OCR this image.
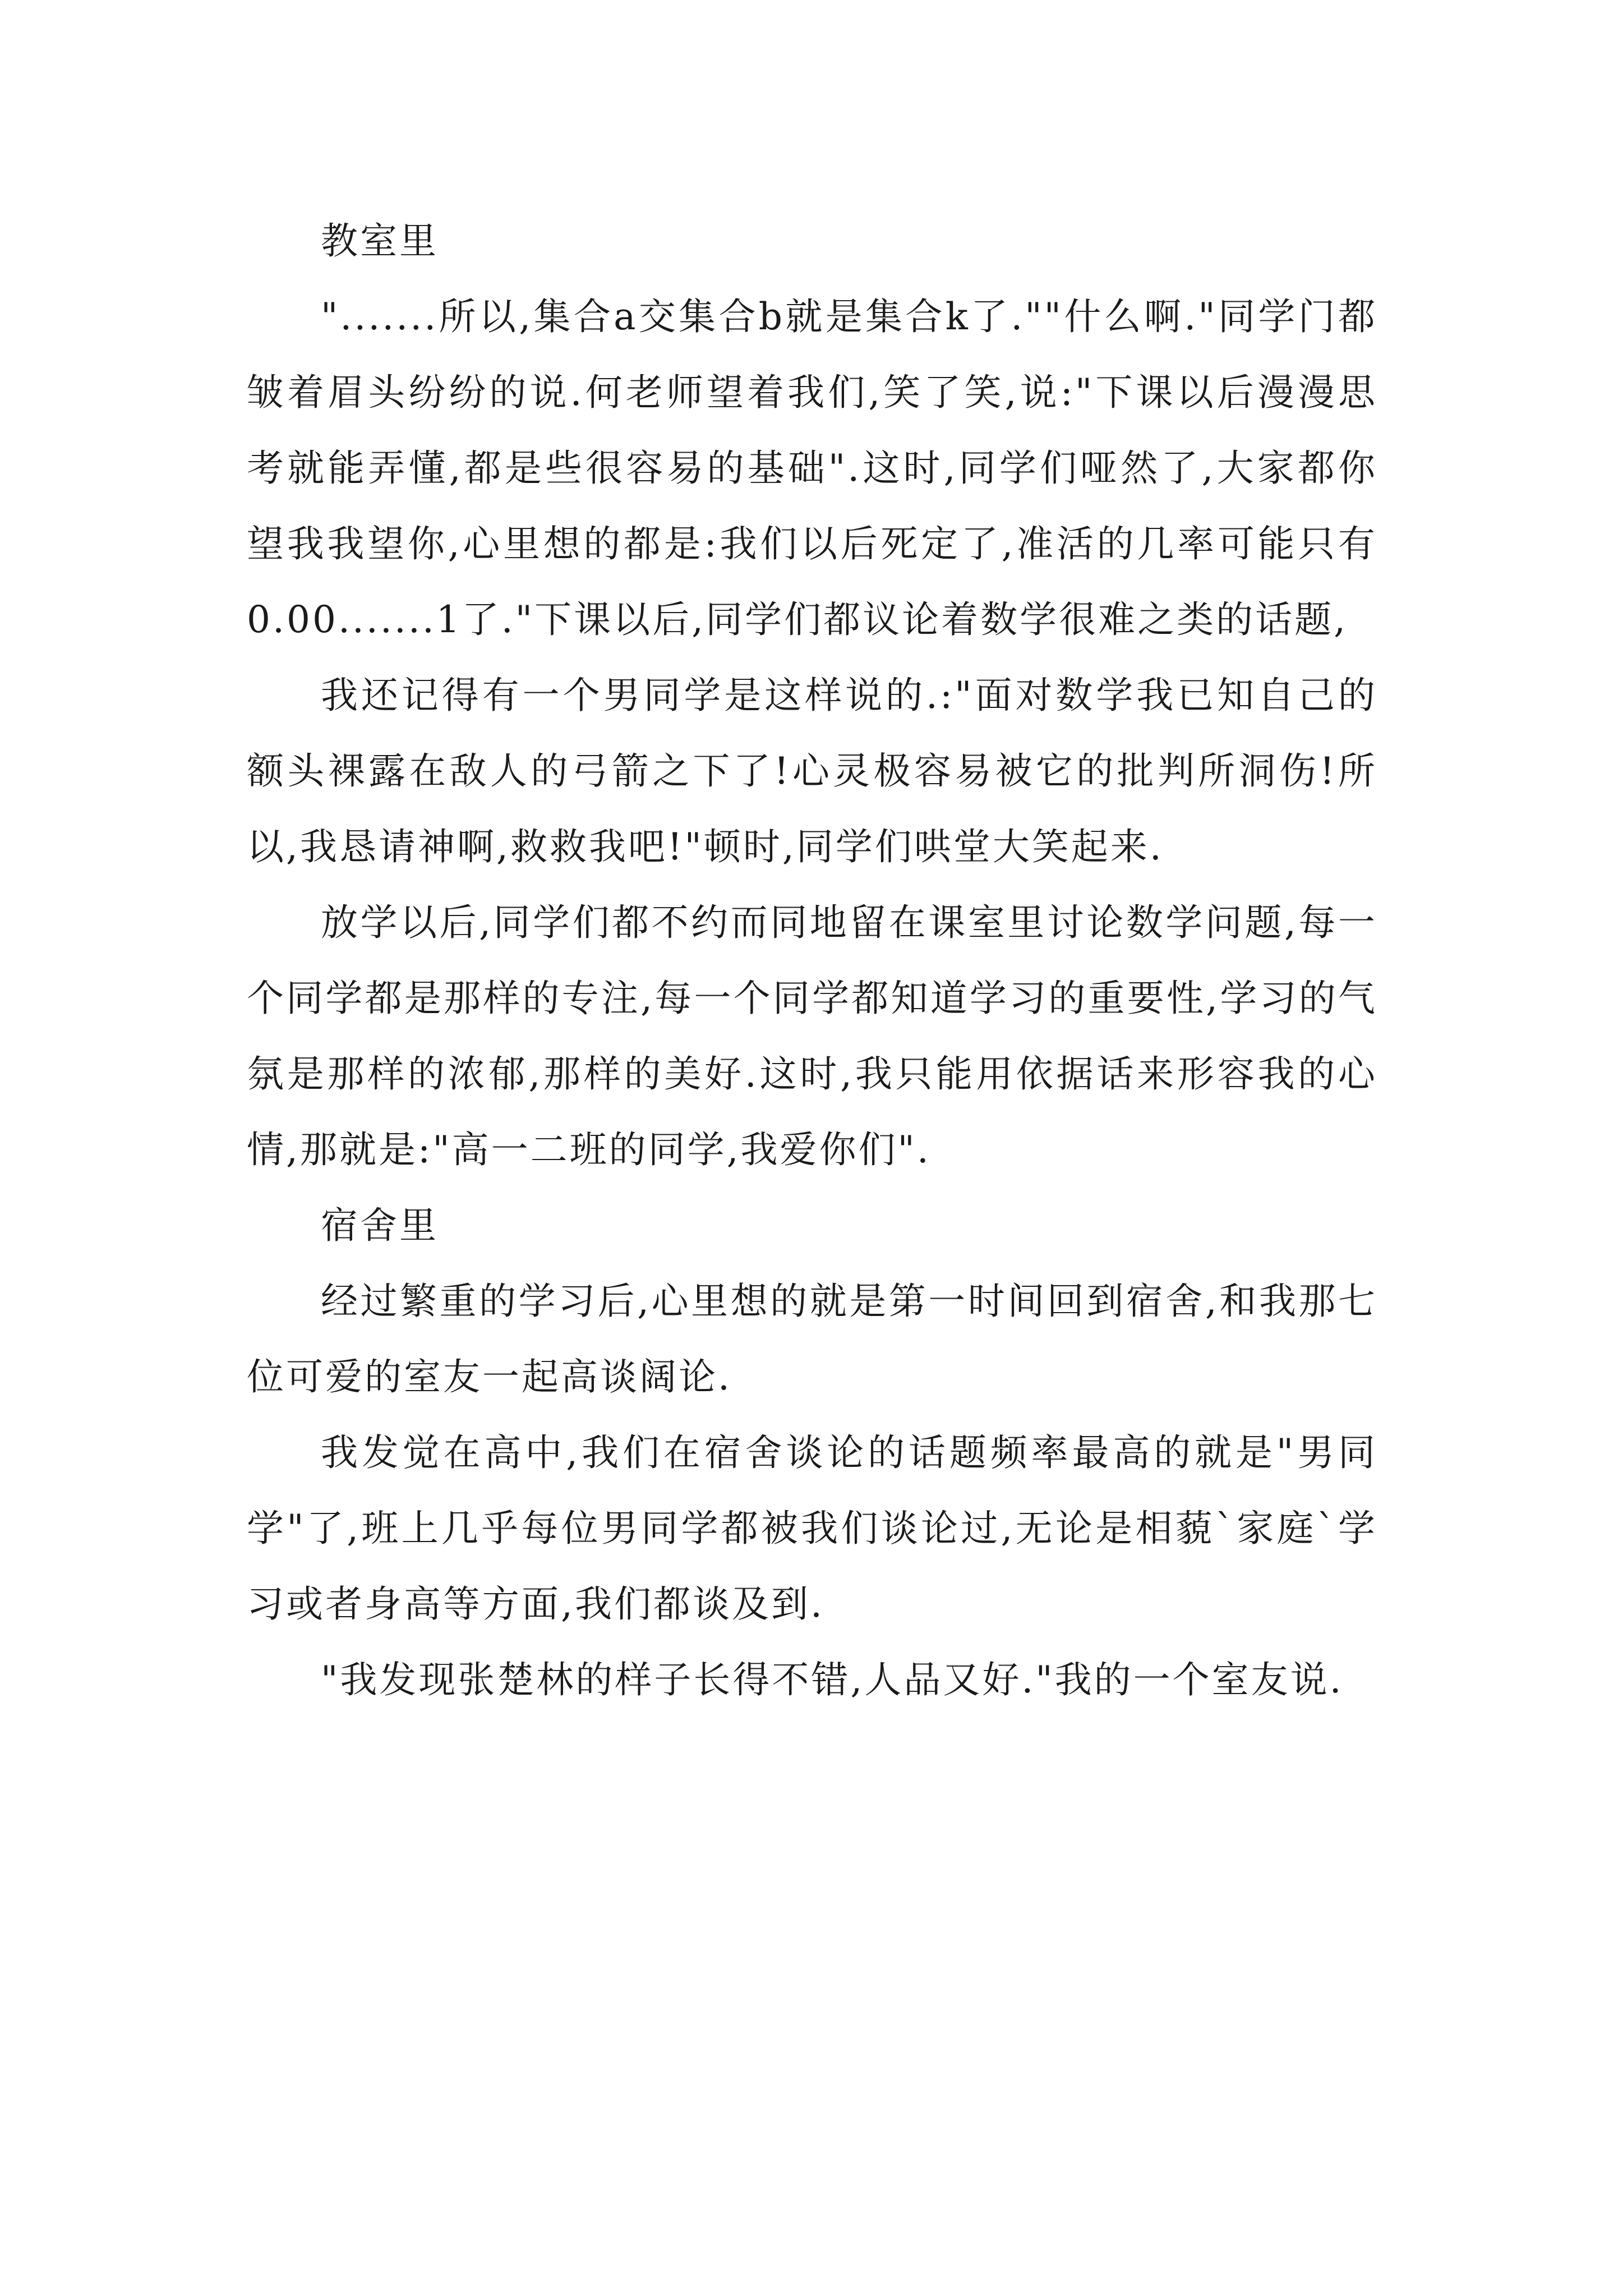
教室里

".......所以,集合a交集合b就是集合k了.""什么啊."同学门都皱着眉头纷纷的说.何老师望着我们,笑了笑,说:"下课以后漫漫思考就能弄懂,都是些很容易的基础".这时,同学们哑然了,大家都你望我我望你,心里想的都是:我们以后死定了,准活的几率可能只有0.00.......1了."下课以后,同学们都议论着数学很难之类的话题,

我还记得有一个男同学是这样说的.:"面对数学我已知自己的额头裸露在敌人的弓箭之下了!心灵极容易被它的批判所洞伤!所以,我恳请神啊,救救我吧!"顿时,同学们哄堂大笑起来.

放学以后,同学们都不约而同地留在课室里讨论数学问题,每一个同学都是那样的专注,每一个同学都知道学习的重要性,学习的气氛是那样的浓郁,那样的美好.这时,我只能用依据话来形容我的心情,那就是:"高一二班的同学,我爱你们".

宿舍里

经过繁重的学习后,心里想的就是第一时间回到宿舍,和我那七位可爱的室友一起高谈阔论.

我发觉在高中,我们在宿舍谈论的话题频率最高的就是"男同学"了,班上几乎每位男同学都被我们谈论过,无论是相藐`家庭`学习或者身高等方面,我们都谈及到.

"我发现张楚林的样子长得不错,人品又好."我的一个室友说.
